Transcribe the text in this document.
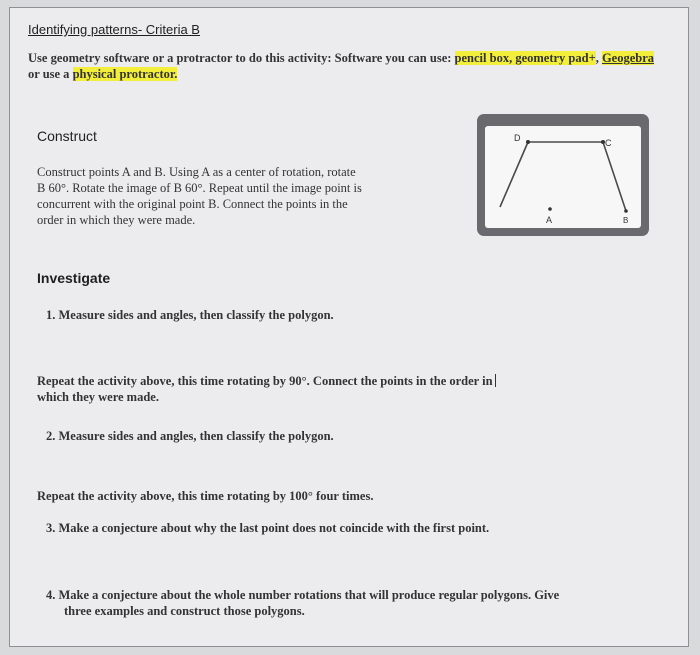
Identifying patterns- Criteria B
Use geometry software or a protractor to do this activity: Software you can use: pencil box, geometry pad+, Geogebra or use a physical protractor.
Construct
Construct points A and B. Using A as a center of rotation, rotate
B 60°. Rotate the image of B 60°. Repeat until the image point is
concurrent with the original point B. Connect the points in the
order in which they were made.
D	C
A	B
Investigate
1. Measure sides and angles, then classify the polygon.
Repeat the activity above, this time rotating by 90°. Connect the points in the order in
which they were made.
2. Measure sides and angles, then classify the polygon.
Repeat the activity above, this time rotating by 100° four times.
3. Make a conjecture about why the last point does not coincide with the first point.
4. Make a conjecture about the whole number rotations that will produce regular polygons. Give
three examples and construct those polygons.
